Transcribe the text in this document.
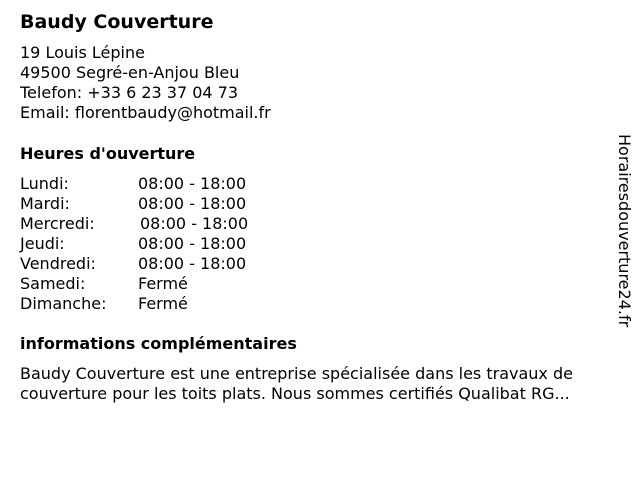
Baudy Couverture
19 Louis Lépine
49500 Segré-en-Anjou Bleu
Telefon: +33 6 23 37 04 73
Email: florentbaudy@hotmail.fr
Heures d'ouverture
Lundi:	08:00 - 18:00
Mardi:	08:00 - 18:00
Mercredi:	08:00 - 18:00
Jeudi:	08:00 - 18:00
Vendredi:	08:00 - 18:00
Samedi:	Fermé
Dimanche: Fermé
informations complémentaires

Baudy Couverture est une entreprise spécialisée dans les travaux de couverture pour les toits plats. Nous sommes certifiés Qualibat RG...

Horairesdouverture24.fr
